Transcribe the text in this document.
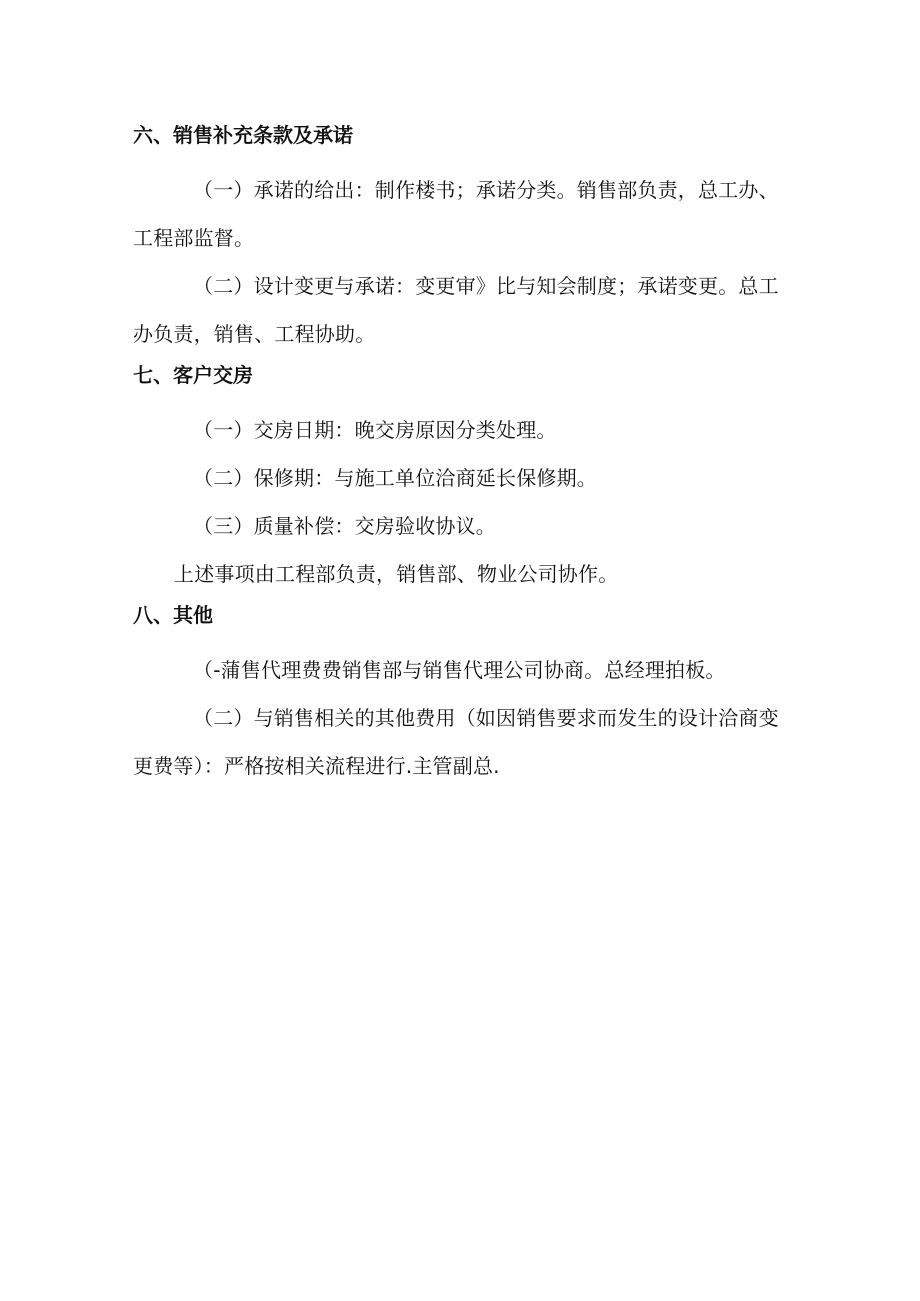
六、销售补充条款及承诺

（一）承诺的给出：制作楼书；承诺分类。销售部负责，总工办、工程部监督。

（二）设计变更与承诺：变更审》比与知会制度；承诺变更。总工办负责，销售、工程协助。

七、客户交房

（一）交房日期：晚交房原因分类处理。

（二）保修期：与施工单位洽商延长保修期。

（三）质量补偿：交房验收协议。

上述事项由工程部负责，销售部、物业公司协作。

八、其他

（-蒲售代理费费销售部与销售代理公司协商。总经理拍板。

（二）与销售相关的其他费用（如因销售要求而发生的设计洽商变更费等）：严格按相关流程进行.主管副总.
